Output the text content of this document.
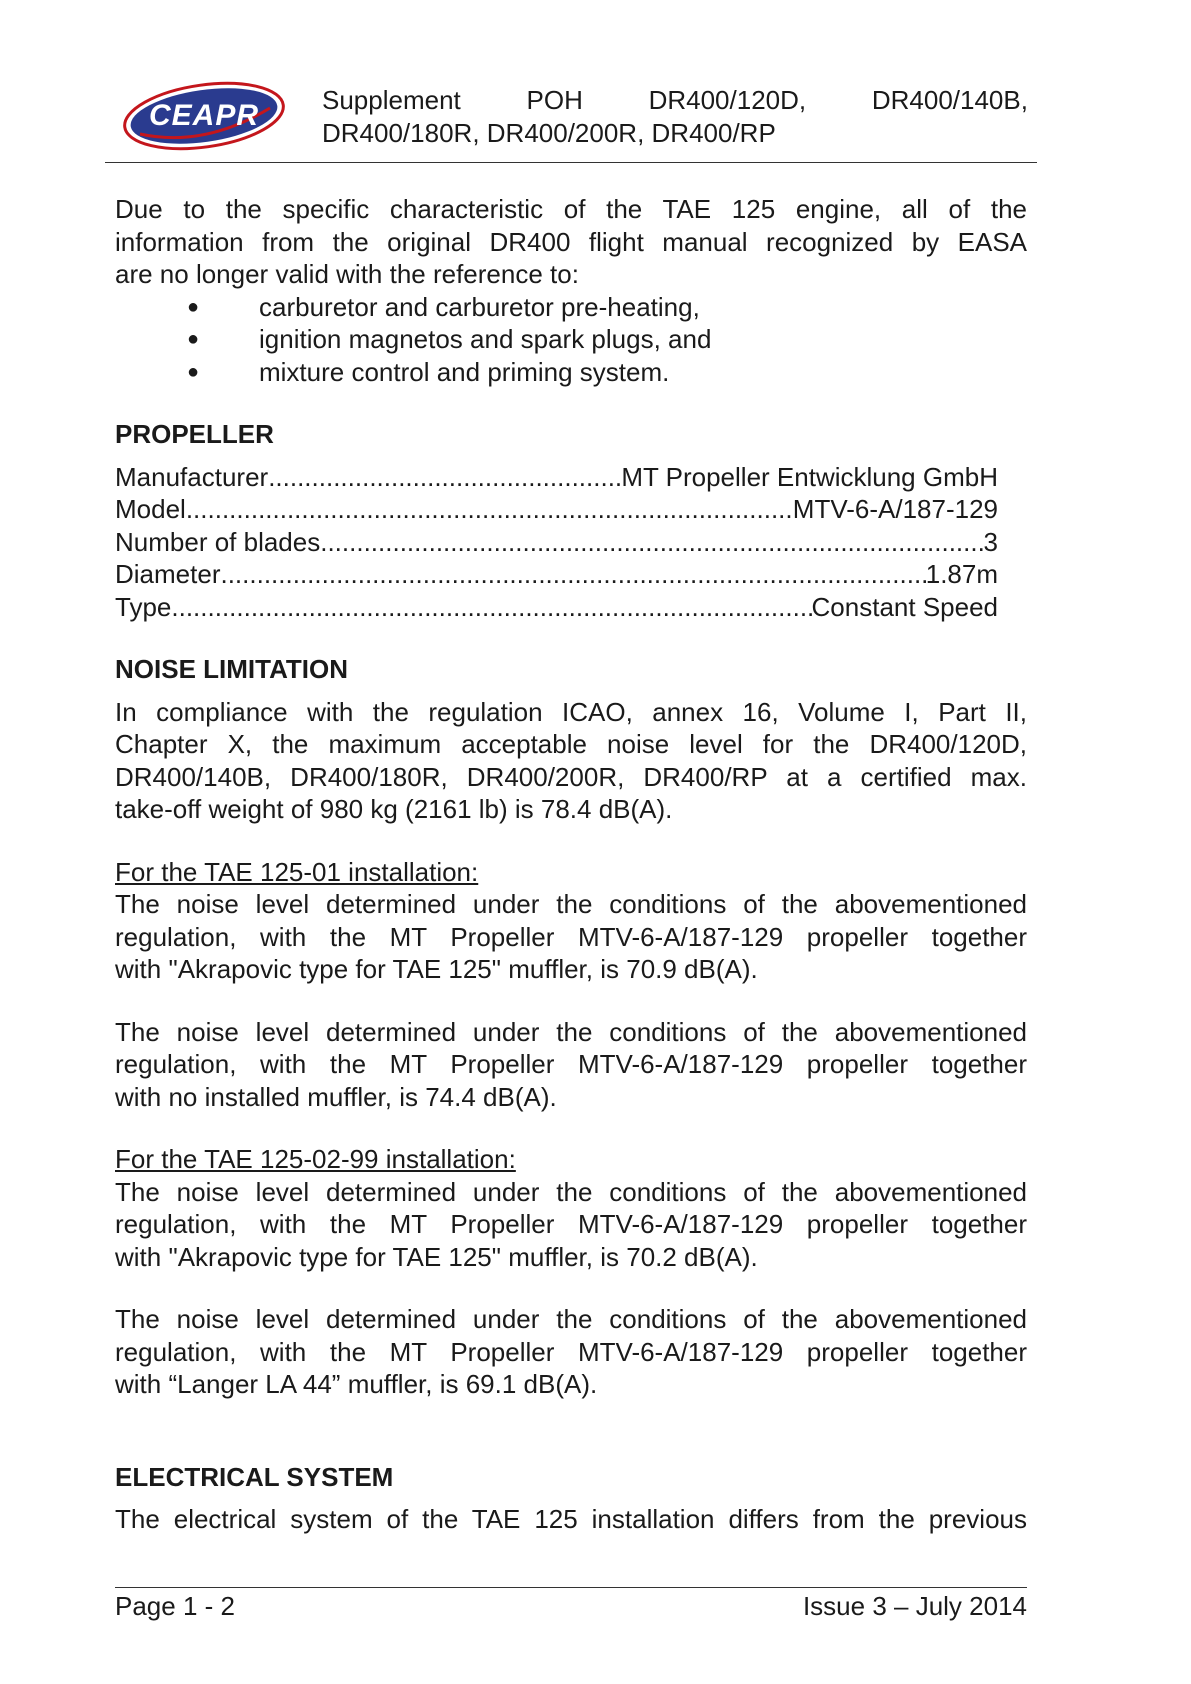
CEAPR Supplement	POH	DR400/120D,	DR400/140B,
DR400/180R, DR400/200R, DR400/RP

Due to the specific characteristic of the TAE 125 engine, all of the

information from the original DR400 flight manual recognized by EASA

are no longer valid with the reference to:

● carburetor and carburetor pre-heating,
● ignition magnetos and spark plugs, and
● mixture control and priming system.
PROPELLER
Manufacturer .....	MT Propeller Entwicklung GmbH
Model .....	MTV-6-A/187-129
Number of blades .....	3
Diameter .....	1.87m
Type .....	Constant Speed
NOISE LIMITATION

In compliance with the regulation ICAO, annex 16, Volume I, Part II,

Chapter X, the maximum acceptable noise level for the DR400/120D,

DR400/140B, DR400/180R, DR400/200R, DR400/RP at a certified max.

take-off weight of 980 kg (2161 lb) is 78.4 dB(A).

For the TAE 125-01 installation:

The noise level determined under the conditions of the abovementioned

regulation, with the MT Propeller MTV-6-A/187-129 propeller together

with "Akrapovic type for TAE 125" muffler, is 70.9 dB(A).

The noise level determined under the conditions of the abovementioned

regulation, with the MT Propeller MTV-6-A/187-129 propeller together

with no installed muffler, is 74.4 dB(A).

For the TAE 125-02-99 installation:

The noise level determined under the conditions of the abovementioned

regulation, with the MT Propeller MTV-6-A/187-129 propeller together

with "Akrapovic type for TAE 125" muffler, is 70.2 dB(A).

The noise level determined under the conditions of the abovementioned

regulation, with the MT Propeller MTV-6-A/187-129 propeller together

with “Langer LA 44” muffler, is 69.1 dB(A).

ELECTRICAL SYSTEM

The electrical system of the TAE 125 installation differs from the previous

Page 1 - 2	Issue 3 – July 2014
